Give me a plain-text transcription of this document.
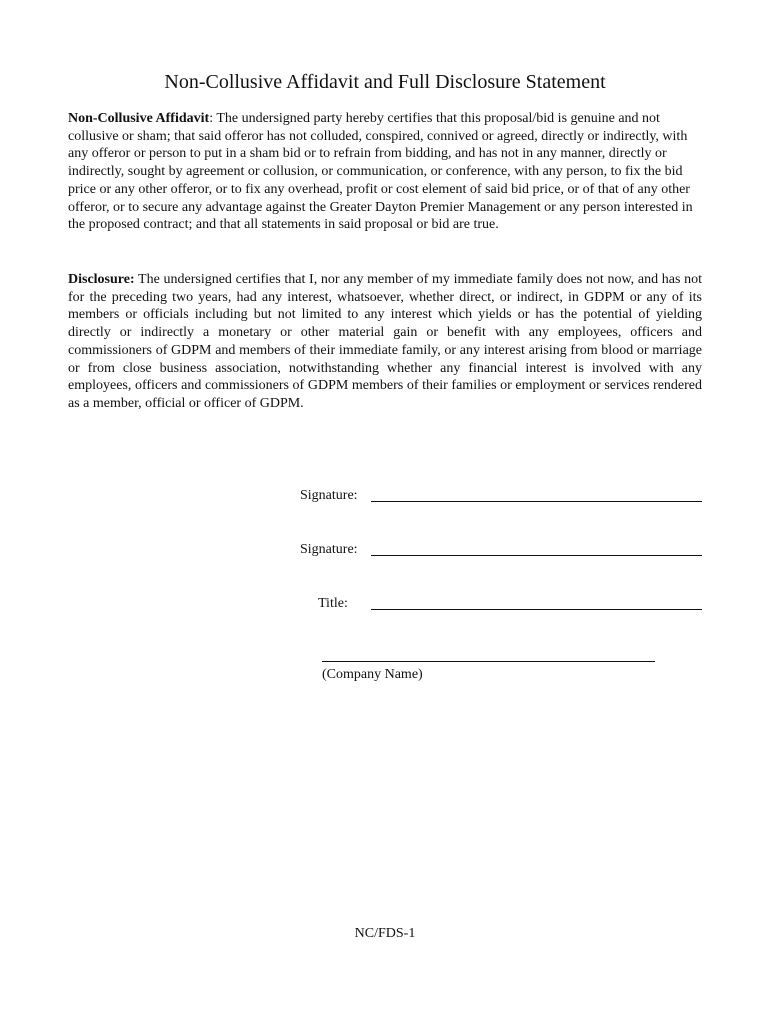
Non-Collusive Affidavit and Full Disclosure Statement
Non-Collusive Affidavit: The undersigned party hereby certifies that this proposal/bid is genuine and not collusive or sham; that said offeror has not colluded, conspired, connived or agreed, directly or indirectly, with any offeror or person to put in a sham bid or to refrain from bidding, and has not in any manner, directly or indirectly, sought by agreement or collusion, or communication, or conference, with any person, to fix the bid price or any other offeror, or to fix any overhead, profit or cost element of said bid price, or of that of any other offeror, or to secure any advantage against the Greater Dayton Premier Management or any person interested in the proposed contract; and that all statements in said proposal or bid are true.
Disclosure: The undersigned certifies that I, nor any member of my immediate family does not now, and has not for the preceding two years, had any interest, whatsoever, whether direct, or indirect, in GDPM or any of its members or officials including but not limited to any interest which yields or has the potential of yielding directly or indirectly a monetary or other material gain or benefit with any employees, officers and commissioners of GDPM and members of their immediate family, or any interest arising from blood or marriage or from close business association, notwithstanding whether any financial interest is involved with any employees, officers and commissioners of GDPM members of their families or employment or services rendered as a member, official or officer of GDPM.
Signature:
Signature:
Title:
(Company Name)
NC/FDS-1
